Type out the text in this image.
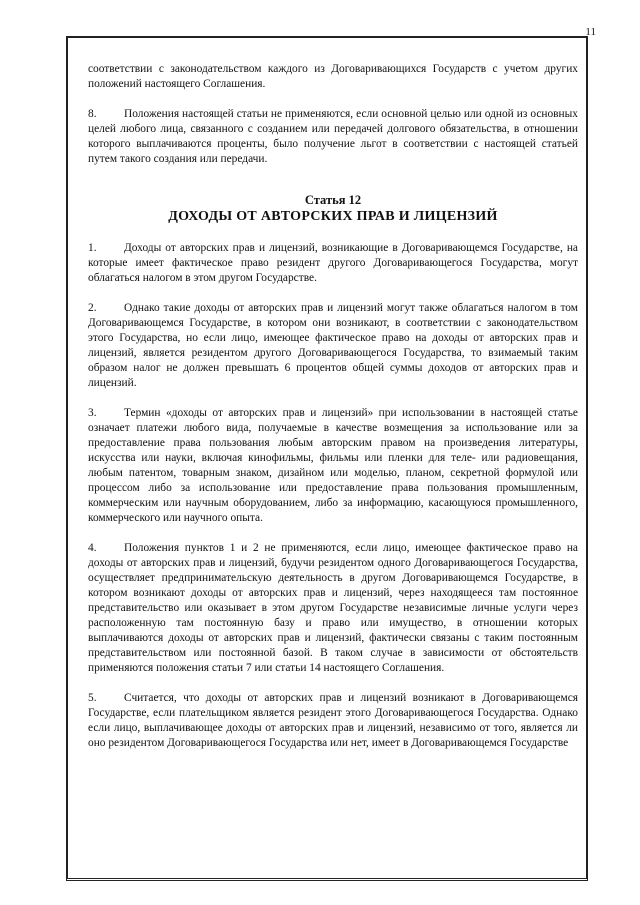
11

соответствии с законодательством каждого из Договаривающихся Государств с учетом других положений настоящего Соглашения.

8. Положения настоящей статьи не применяются, если основной целью или одной из основных целей любого лица, связанного с созданием или передачей долгового обязательства, в отношении которого выплачиваются проценты, было получение льгот в соответствии с настоящей статьей путем такого создания или передачи.

Статья 12
ДОХОДЫ ОТ АВТОРСКИХ ПРАВ И ЛИЦЕНЗИЙ

1. Доходы от авторских прав и лицензий, возникающие в Договаривающемся Государстве, на которые имеет фактическое право резидент другого Договаривающегося Государства, могут облагаться налогом в этом другом Государстве.

2. Однако такие доходы от авторских прав и лицензий могут также облагаться налогом в том Договаривающемся Государстве, в котором они возникают, в соответствии с законодательством этого Государства, но если лицо, имеющее фактическое право на доходы от авторских прав и лицензий, является резидентом другого Договаривающегося Государства, то взимаемый таким образом налог не должен превышать 6 процентов общей суммы доходов от авторских прав и лицензий.

3. Термин «доходы от авторских прав и лицензий» при использовании в настоящей статье означает платежи любого вида, получаемые в качестве возмещения за использование или за предоставление права пользования любым авторским правом на произведения литературы, искусства или науки, включая кинофильмы, фильмы или пленки для теле- или радиовещания, любым патентом, товарным знаком, дизайном или моделью, планом, секретной формулой или процессом либо за использование или предоставление права пользования промышленным, коммерческим или научным оборудованием, либо за информацию, касающуюся промышленного, коммерческого или научного опыта.

4. Положения пунктов 1 и 2 не применяются, если лицо, имеющее фактическое право на доходы от авторских прав и лицензий, будучи резидентом одного Договаривающегося Государства, осуществляет предпринимательскую деятельность в другом Договаривающемся Государстве, в котором возникают доходы от авторских прав и лицензий, через находящееся там постоянное представительство или оказывает в этом другом Государстве независимые личные услуги через расположенную там постоянную базу и право или имущество, в отношении которых выплачиваются доходы от авторских прав и лицензий, фактически связаны с таким постоянным представительством или постоянной базой. В таком случае в зависимости от обстоятельств применяются положения статьи 7 или статьи 14 настоящего Соглашения.

5. Считается, что доходы от авторских прав и лицензий возникают в Договаривающемся Государстве, если плательщиком является резидент этого Договаривающегося Государства. Однако если лицо, выплачивающее доходы от авторских прав и лицензий, независимо от того, является ли оно резидентом Договаривающегося Государства или нет, имеет в Договаривающемся Государстве
